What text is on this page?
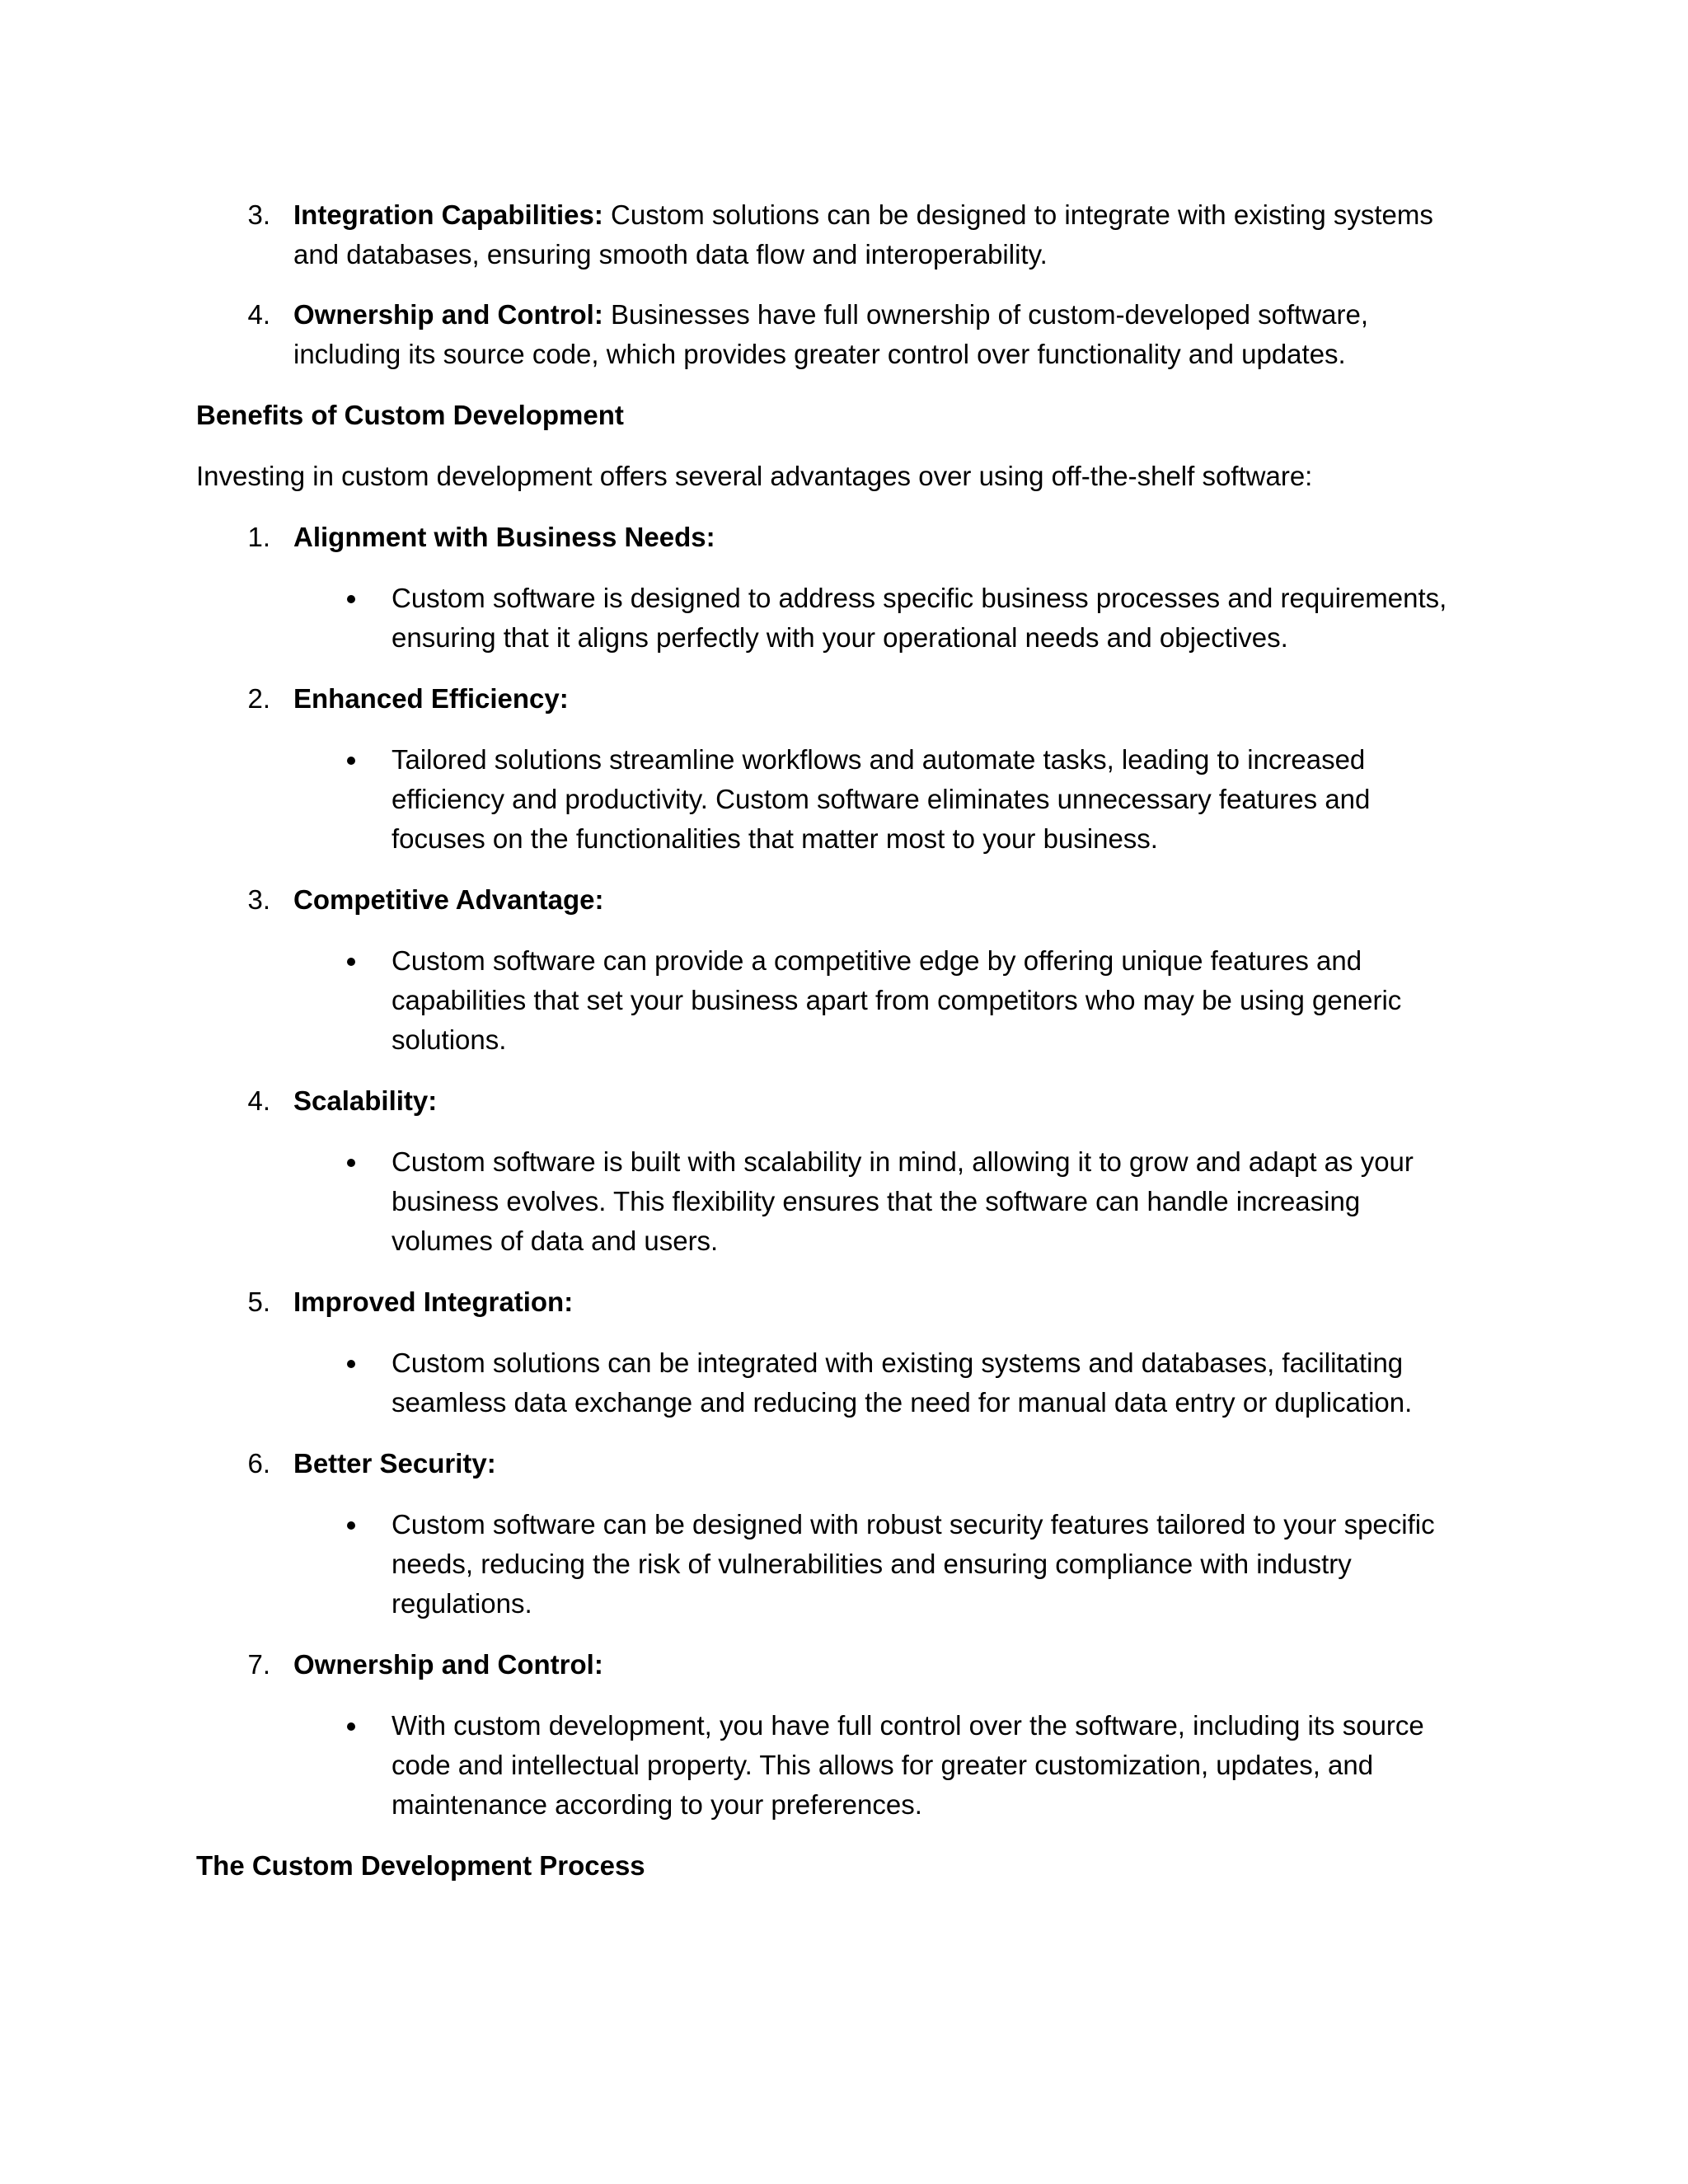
3. Integration Capabilities: Custom solutions can be designed to integrate with existing systems
and databases, ensuring smooth data flow and interoperability.
4. Ownership and Control: Businesses have full ownership of custom-developed software,
including its source code, which provides greater control over functionality and updates.
Benefits of Custom Development
Investing in custom development offers several advantages over using off-the-shelf software:
1. Alignment with Business Needs:
Custom software is designed to address specific business processes and requirements,
ensuring that it aligns perfectly with your operational needs and objectives.
2. Enhanced Efficiency:
Tailored solutions streamline workflows and automate tasks, leading to increased
efficiency and productivity. Custom software eliminates unnecessary features and
focuses on the functionalities that matter most to your business.
3. Competitive Advantage:
Custom software can provide a competitive edge by offering unique features and
capabilities that set your business apart from competitors who may be using generic
solutions.
4. Scalability:
Custom software is built with scalability in mind, allowing it to grow and adapt as your
business evolves. This flexibility ensures that the software can handle increasing
volumes of data and users.
5. Improved Integration:
Custom solutions can be integrated with existing systems and databases, facilitating
seamless data exchange and reducing the need for manual data entry or duplication.
6. Better Security:
Custom software can be designed with robust security features tailored to your specific
needs, reducing the risk of vulnerabilities and ensuring compliance with industry
regulations.
7. Ownership and Control:
With custom development, you have full control over the software, including its source
code and intellectual property. This allows for greater customization, updates, and
maintenance according to your preferences.
The Custom Development Process
